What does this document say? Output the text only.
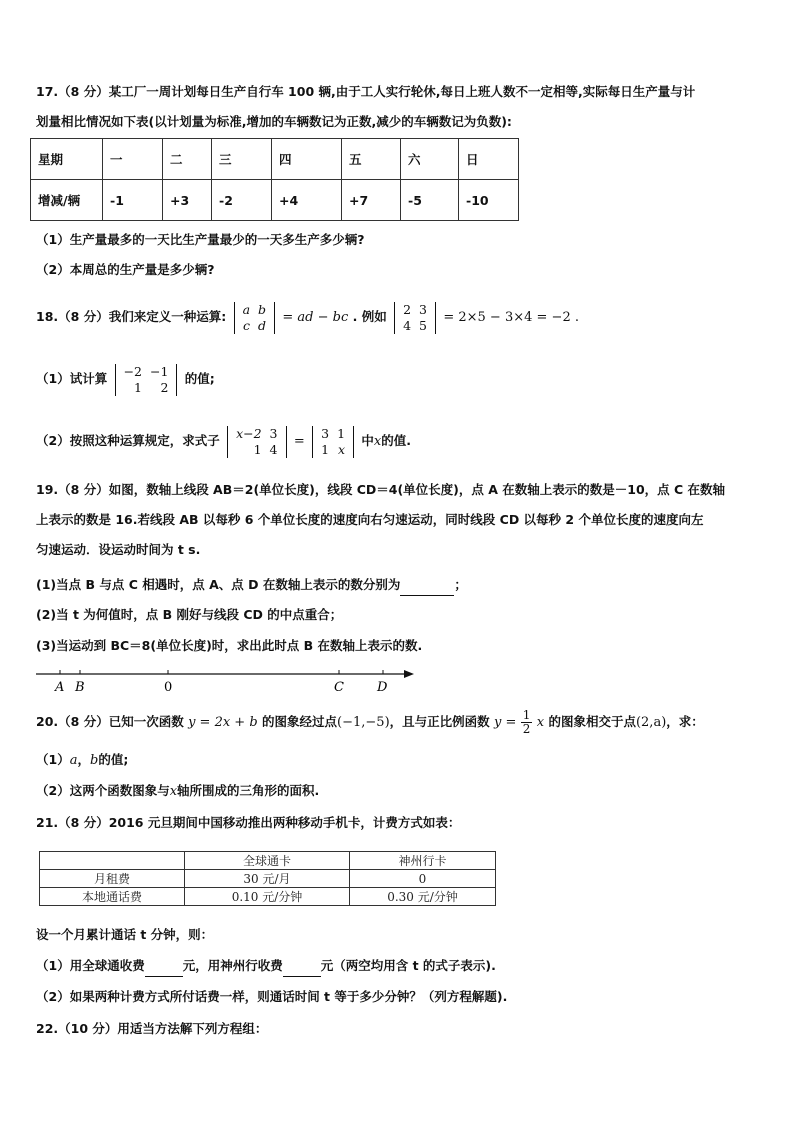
17.（8 分）某工厂一周计划每日生产自行车 100 辆,由于工人实行轮休,每日上班人数不一定相等,实际每日生产量与计
划量相比情况如下表(以计划量为标准,增加的车辆数记为正数,减少的车辆数记为负数):
星期	一	二	三	四	五	六	日
增减/辆	-1	+3	-2	+4	+7	-5	-10
（1）生产量最多的一天比生产量最少的一天多生产多少辆?
（2）本周总的生产量是多少辆?
18.（8 分）我们来定义一种运算: a	b
c	d = ad − bc . 例如 2	3
4	5 = 2×5 − 3×4 = −2 .
（1）试计算 −2	−1
1	2
的值;
（2）按照这种运算规定，求式子 x−2	3
1	4 =
3	1
1	x
中x的值.
19.（8 分）如图，数轴上线段 AB＝2(单位长度)，线段 CD＝4(单位长度)，点 A 在数轴上表示的数是－10，点 C 在数轴
上表示的数是 16.若线段 AB 以每秒 6 个单位长度的速度向右匀速运动，同时线段 CD 以每秒 2 个单位长度的速度向左
匀速运动．设运动时间为 t s.
(1)当点 B 与点 C 相遇时，点 A、点 D 在数轴上表示的数分别为	；
(2)当 t 为何值时，点 B 刚好与线段 CD 的中点重合；
(3)当运动到 BC＝8(单位长度)时，求出此时点 B 在数轴上表示的数.
A B	0	C	D
20.（8 分）已知一次函数 y = 2x + b 的图象经过点(−1,−5)，且与正比例函数 $y = \frac{1}{2}$ x 的图象相交于点(2,a)，求：
（1）a，b的值;
（2）这两个函数图象与x轴所围成的三角形的面积.
21.（8 分）2016 元旦期间中国移动推出两种移动手机卡，计费方式如表：
	全球通卡	神州行卡
月租费	30 元/月	0
本地通话费	0.10 元/分钟	0.30 元/分钟
设一个月累计通话 t 分钟，则：
（1）用全球通收费	元，用神州行收费	元（两空均用含 t 的式子表示).
（2）如果两种计费方式所付话费一样，则通话时间 t 等于多少分钟？（列方程解题).
22.（10 分）用适当方法解下列方程组：
